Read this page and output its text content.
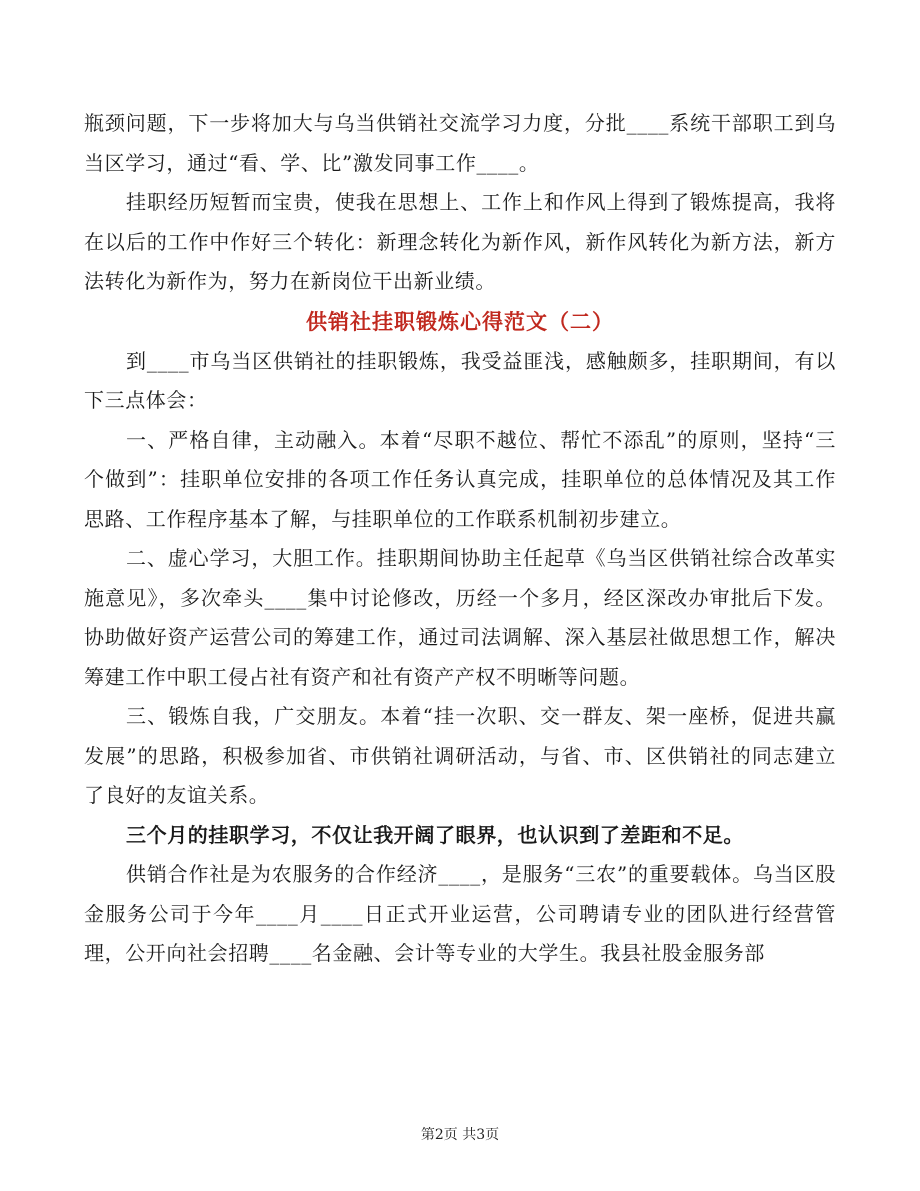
瓶颈问题，下一步将加大与乌当供销社交流学习力度，分批____系统干部职工到乌当区学习，通过“看、学、比”激发同事工作____。

挂职经历短暂而宝贵，使我在思想上、工作上和作风上得到了锻炼提高，我将在以后的工作中作好三个转化：新理念转化为新作风，新作风转化为新方法，新方法转化为新作为，努力在新岗位干出新业绩。

供销社挂职锻炼心得范文（二）

到____市乌当区供销社的挂职锻炼，我受益匪浅，感触颇多，挂职期间，有以下三点体会：

一、严格自律，主动融入。本着“尽职不越位、帮忙不添乱”的原则，坚持“三个做到”：挂职单位安排的各项工作任务认真完成，挂职单位的总体情况及其工作思路、工作程序基本了解，与挂职单位的工作联系机制初步建立。

二、虚心学习，大胆工作。挂职期间协助主任起草《乌当区供销社综合改革实施意见》，多次牵头____集中讨论修改，历经一个多月，经区深改办审批后下发。协助做好资产运营公司的筹建工作，通过司法调解、深入基层社做思想工作，解决筹建工作中职工侵占社有资产和社有资产产权不明晰等问题。

三、锻炼自我，广交朋友。本着“挂一次职、交一群友、架一座桥，促进共赢发展”的思路，积极参加省、市供销社调研活动，与省、市、区供销社的同志建立了良好的友谊关系。

三个月的挂职学习，不仅让我开阔了眼界，也认识到了差距和不足。

供销合作社是为农服务的合作经济____，是服务“三农”的重要载体。乌当区股金服务公司于今年____月____日正式开业运营，公司聘请专业的团队进行经营管理，公开向社会招聘____名金融、会计等专业的大学生。我县社股金服务部

第2页 共3页
